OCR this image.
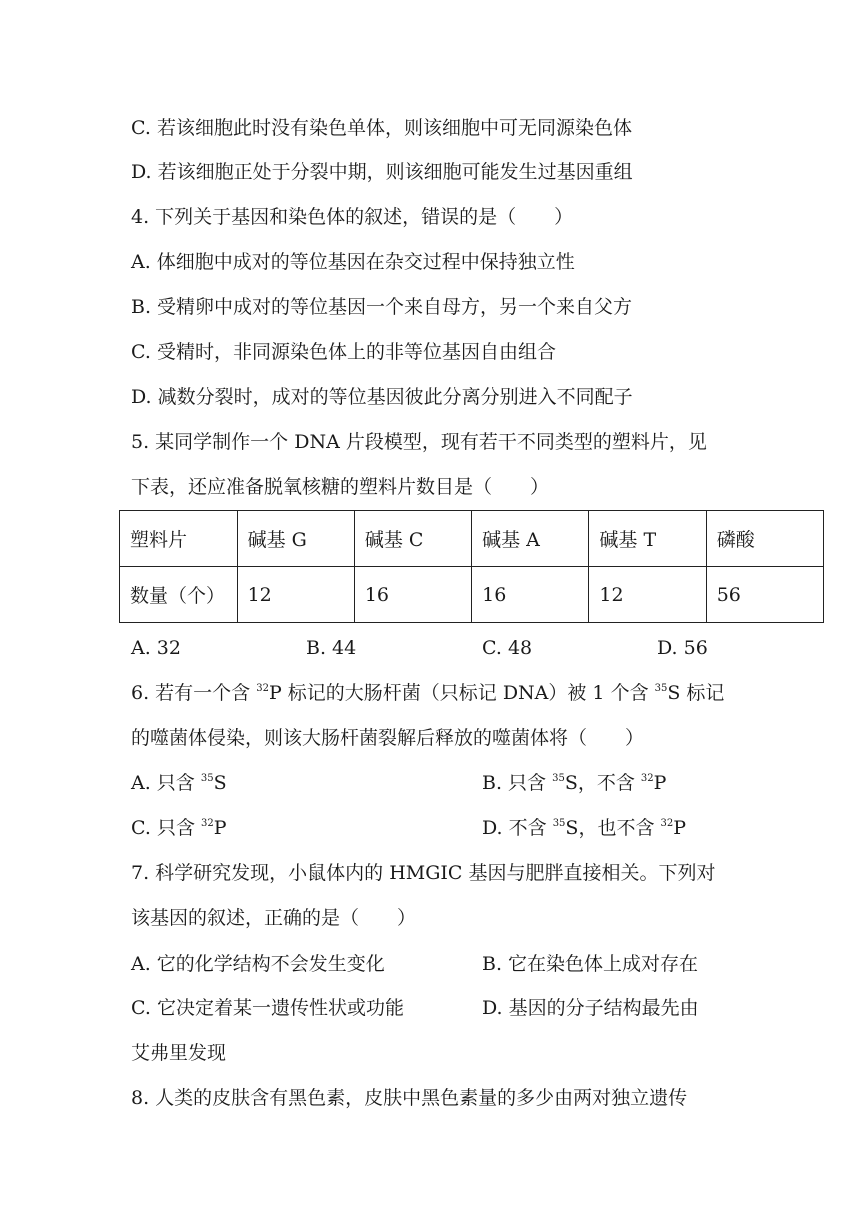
C. 若该细胞此时没有染色单体，则该细胞中可无同源染色体
D. 若该细胞正处于分裂中期，则该细胞可能发生过基因重组
4. 下列关于基因和染色体的叙述，错误的是（　　）
A. 体细胞中成对的等位基因在杂交过程中保持独立性
B. 受精卵中成对的等位基因一个来自母方，另一个来自父方
C. 受精时，非同源染色体上的非等位基因自由组合
D. 减数分裂时，成对的等位基因彼此分离分别进入不同配子
5. 某同学制作一个 DNA 片段模型，现有若干不同类型的塑料片，见
下表，还应准备脱氧核糖的塑料片数目是（　　）
塑料片	碱基 G	碱基 C	碱基 A	碱基 T	磷酸
数量（个）	12	16	16	12	56
A. 32	B. 44	C. 48	D. 56
6. 若有一个含 $^{32}$P 标记的大肠杆菌（只标记 DNA）被 1 个含 $^{35}$S 标记
的噬菌体侵染，则该大肠杆菌裂解后释放的噬菌体将（　　）
A. 只含 $^{35}$S	B. 只含 $^{35}$S，不含 $^{32}$P
C. 只含 $^{32}$P	D. 不含 $^{35}$S，也不含 $^{32}$P
7. 科学研究发现，小鼠体内的 HMGIC 基因与肥胖直接相关。下列对
该基因的叙述，正确的是（　　）
A. 它的化学结构不会发生变化	B. 它在染色体上成对存在
C. 它决定着某一遗传性状或功能	D. 基因的分子结构最先由
艾弗里发现
8. 人类的皮肤含有黑色素，皮肤中黑色素量的多少由两对独立遗传
